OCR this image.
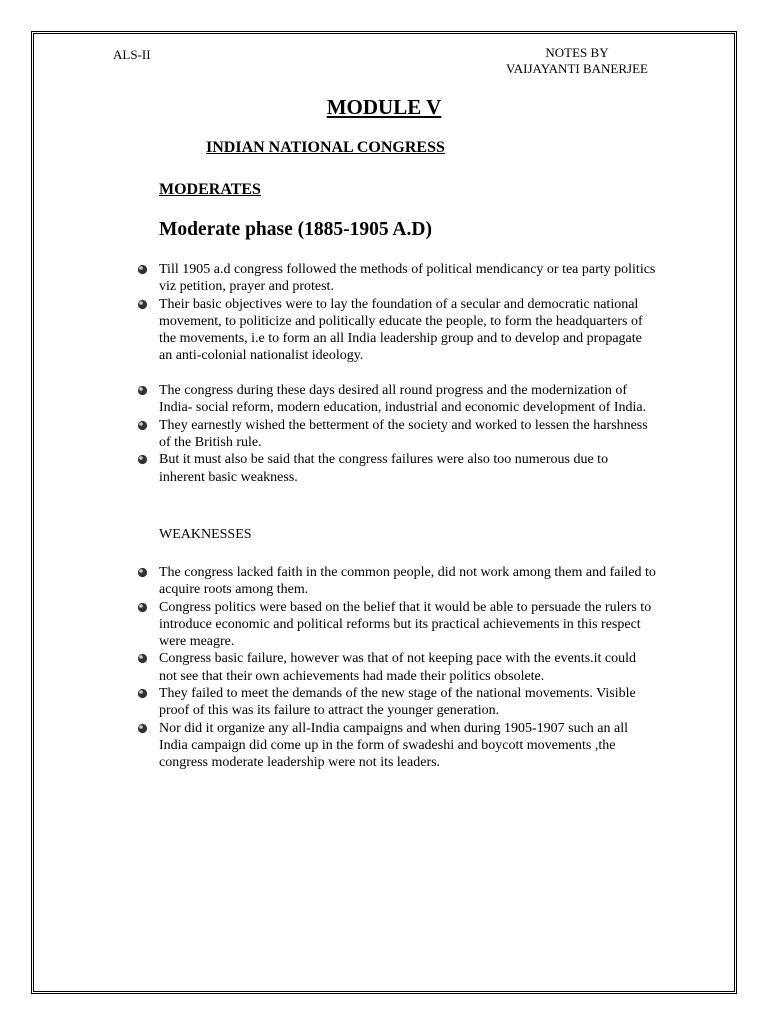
ALS-II	NOTES BY
VAIJAYANTI BANERJEE
MODULE V
INDIAN NATIONAL CONGRESS
MODERATES
Moderate phase (1885-1905 A.D)
Till 1905 a.d congress followed the methods of political mendicancy or tea party politics viz petition, prayer and protest.
Their basic objectives were to lay the foundation of a secular and democratic national movement, to politicize and politically educate the people, to form the headquarters of the movements, i.e to form an all India leadership group and to develop and propagate an anti-colonial nationalist ideology.
The congress during these days desired all round progress and the modernization of India- social reform, modern education, industrial and economic development of India.
They earnestly wished the betterment of the society and worked to lessen the harshness of the British rule.
But it must also be said that the congress failures were also too numerous due to inherent basic weakness.
WEAKNESSES
The congress lacked faith in the common people, did not work among them and failed to acquire roots among them.
Congress politics were based on the belief that it would be able to persuade the rulers to introduce economic and political reforms but its practical achievements in this respect were meagre.
Congress basic failure, however was that of not keeping pace with the events.it could not see that their own achievements had made their politics obsolete.
They failed to meet the demands of the new stage of the national movements. Visible proof of this was its failure to attract the younger generation.
Nor did it organize any all-India campaigns and when during 1905-1907 such an all India campaign did come up in the form of swadeshi and boycott movements ,the congress moderate leadership were not its leaders.
